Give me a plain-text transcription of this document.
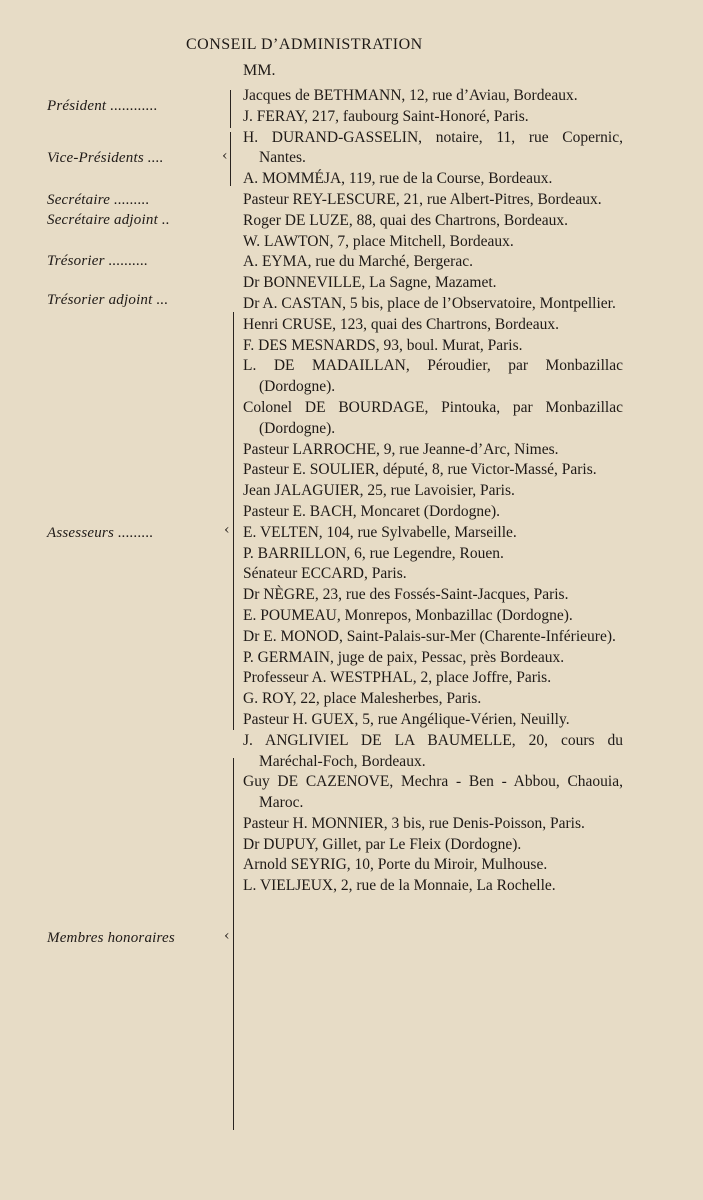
CONSEIL D’ADMINISTRATION
MM.
Président ............
Vice-Présidents ....
Secrétaire .........
Secrétaire adjoint ..
Trésorier ..........
Trésorier adjoint ...
Assesseurs .........
Membres honoraires
‹
‹
‹
Jacques de BETHMANN, 12, rue d’Aviau, Bordeaux.
J. FERAY, 217, faubourg Saint-Honoré, Paris.
H. DURAND-GASSELIN, notaire, 11, rue Copernic, Nantes.
A. MOMMÉJA, 119, rue de la Course, Bordeaux.
Pasteur REY-LESCURE, 21, rue Albert-Pitres, Bordeaux.
Roger DE LUZE, 88, quai des Chartrons, Bordeaux.
W. LAWTON, 7, place Mitchell, Bordeaux.
A. EYMA, rue du Marché, Bergerac.
Dr BONNEVILLE, La Sagne, Mazamet.
Dr A. CASTAN, 5 bis, place de l’Observatoire, Montpellier.
Henri CRUSE, 123, quai des Chartrons, Bordeaux.
F. DES MESNARDS, 93, boul. Murat, Paris.
L. DE MADAILLAN, Péroudier, par Monbazillac (Dordogne).
Colonel DE BOURDAGE, Pintouka, par Monbazillac (Dordogne).
Pasteur LARROCHE, 9, rue Jeanne-d’Arc, Nimes.
Pasteur E. SOULIER, député, 8, rue Victor-Massé, Paris.
Jean JALAGUIER, 25, rue Lavoisier, Paris.
Pasteur E. BACH, Moncaret (Dordogne).
E. VELTEN, 104, rue Sylvabelle, Marseille.
P. BARRILLON, 6, rue Legendre, Rouen.
Sénateur ECCARD, Paris.
Dr NÈGRE, 23, rue des Fossés-Saint-Jacques, Paris.
E. POUMEAU, Monrepos, Monbazillac (Dordogne).
Dr E. MONOD, Saint-Palais-sur-Mer (Charente-Inférieure).
P. GERMAIN, juge de paix, Pessac, près Bordeaux.
Professeur A. WESTPHAL, 2, place Joffre, Paris.
G. ROY, 22, place Malesherbes, Paris.
Pasteur H. GUEX, 5, rue Angélique-Vérien, Neuilly.
J. ANGLIVIEL DE LA BAUMELLE, 20, cours du Maréchal-Foch, Bordeaux.
Guy DE CAZENOVE, Mechra - Ben - Abbou, Chaouia, Maroc.
Pasteur H. MONNIER, 3 bis, rue Denis-Poisson, Paris.
Dr DUPUY, Gillet, par Le Fleix (Dordogne).
Arnold SEYRIG, 10, Porte du Miroir, Mulhouse.
L. VIELJEUX, 2, rue de la Monnaie, La Rochelle.
